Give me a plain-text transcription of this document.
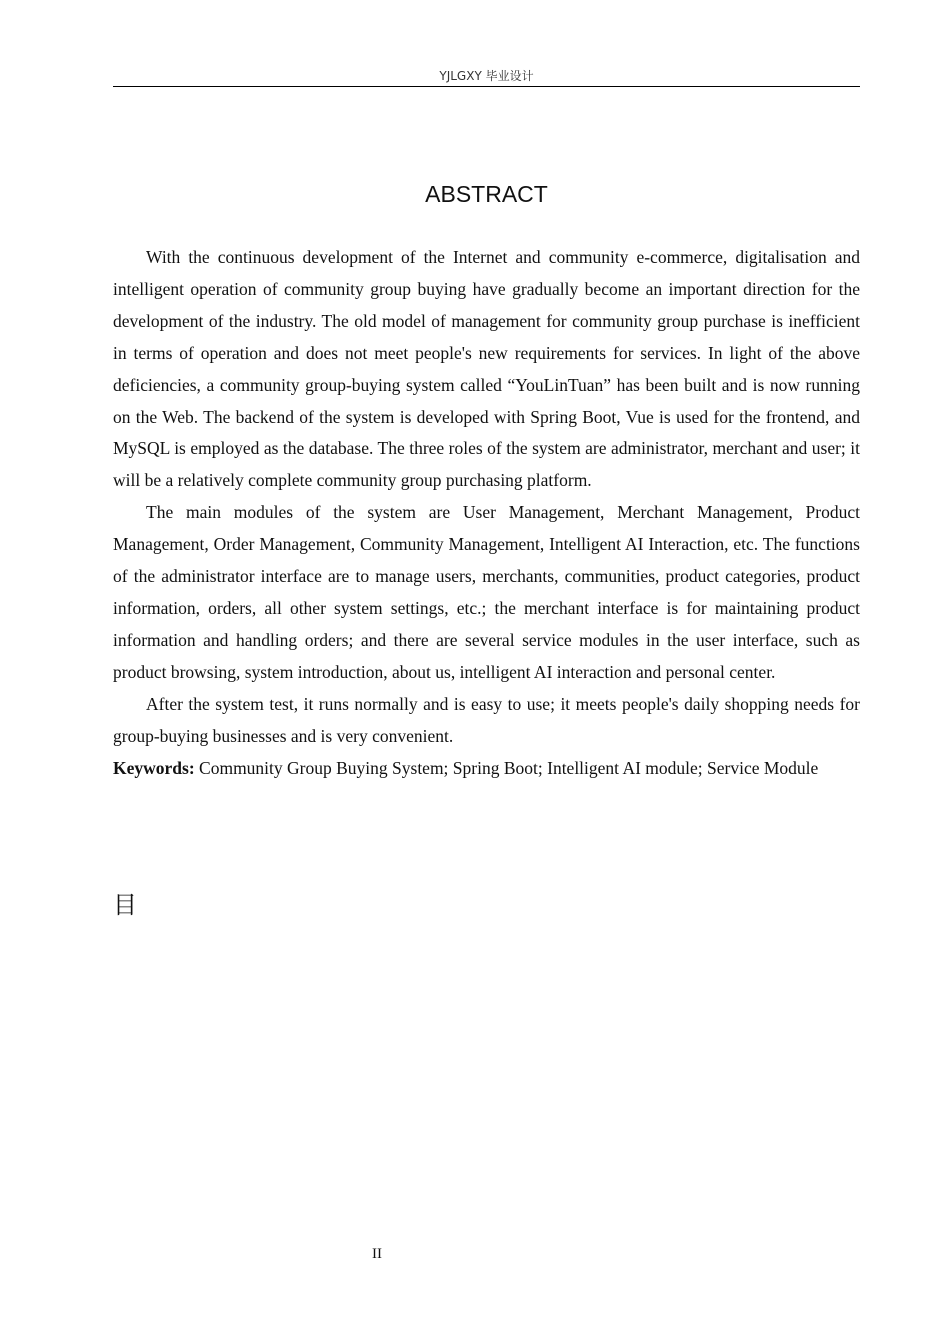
YJLGXY 毕业设计
ABSTRACT

With the continuous development of the Internet and community e-commerce, digitalisation and intelligent operation of community group buying have gradually become an important direction for the development of the industry. The old model of management for community group purchase is inefficient in terms of operation and does not meet people's new requirements for services. In light of the above deficiencies, a community group-buying system called “YouLinTuan” has been built and is now running on the Web. The backend of the system is developed with Spring Boot, Vue is used for the frontend, and MySQL is employed as the database. The three roles of the system are administrator, merchant and user; it will be a relatively complete community group purchasing platform.

The main modules of the system are User Management, Merchant Management, Product Management, Order Management, Community Management, Intelligent AI Interaction, etc. The functions of the administrator interface are to manage users, merchants, communities, product categories, product information, orders, all other system settings, etc.; the merchant interface is for maintaining product information and handling orders; and there are several service modules in the user interface, such as product browsing, system introduction, about us, intelligent AI interaction and personal center.

After the system test, it runs normally and is easy to use; it meets people's daily shopping needs for group-buying businesses and is very convenient.

Keywords: Community Group Buying System; Spring Boot; Intelligent AI module; Service Module

目
II
